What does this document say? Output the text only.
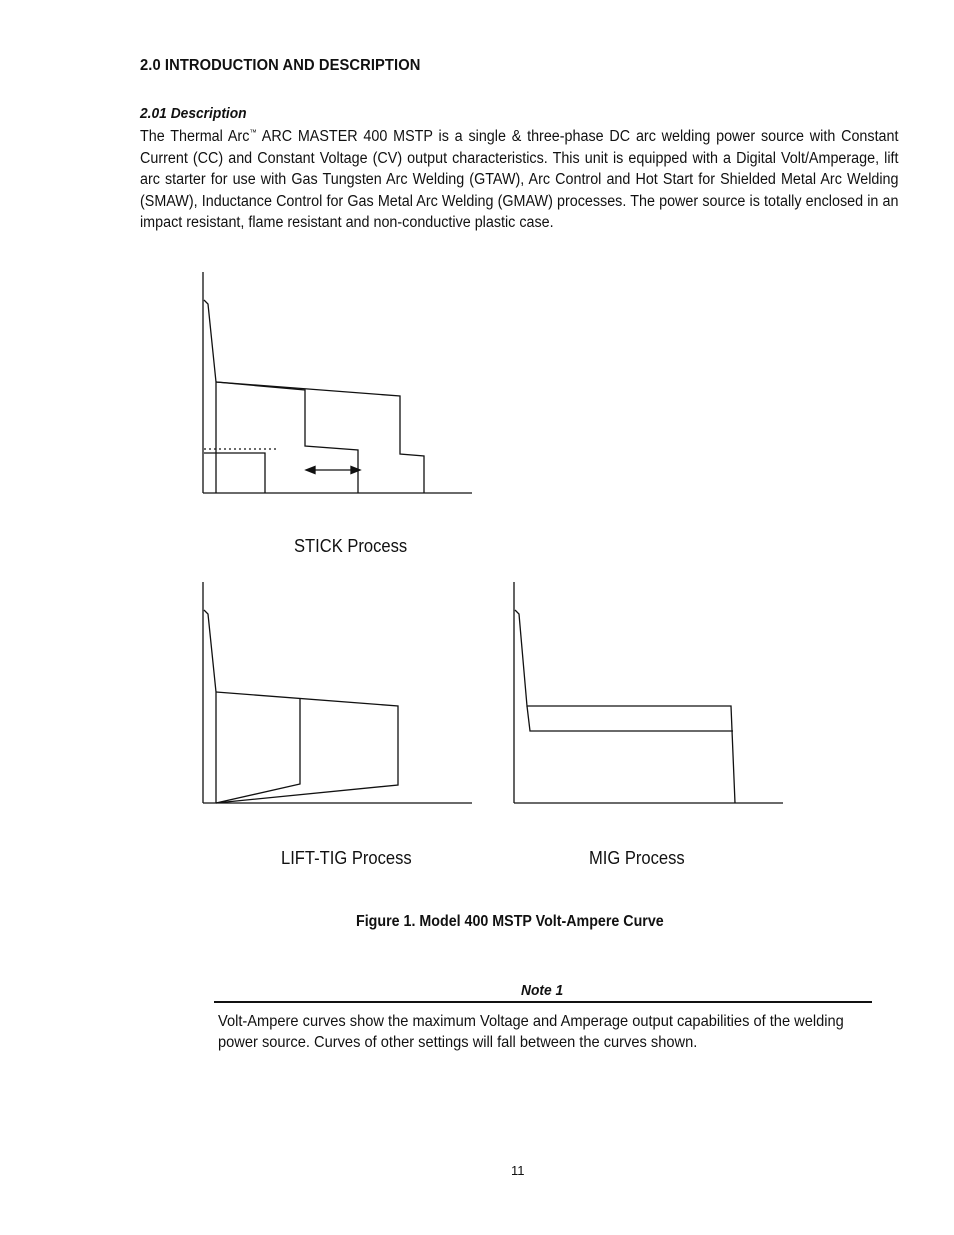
2.0 INTRODUCTION AND DESCRIPTION
2.01 Description

The Thermal Arc™ ARC MASTER 400 MSTP is a single & three-phase DC arc welding power source with Constant Current (CC) and Constant Voltage (CV) output characteristics. This unit is equipped with a Digital Volt/Amperage, lift arc starter for use with Gas Tungsten Arc Welding (GTAW), Arc Control and Hot Start for Shielded Metal Arc Welding (SMAW), Inductance Control for Gas Metal Arc Welding (GMAW) processes. The power source is totally enclosed in an impact resistant, flame resistant and non-conductive plastic case.

STICK Process
LIFT-TIG Process	MIG Process
Figure 1. Model 400 MSTP Volt-Ampere Curve
Note 1

Volt-Ampere curves show the maximum Voltage and Amperage output capabilities of the welding power source. Curves of other settings will fall between the curves shown.

11
